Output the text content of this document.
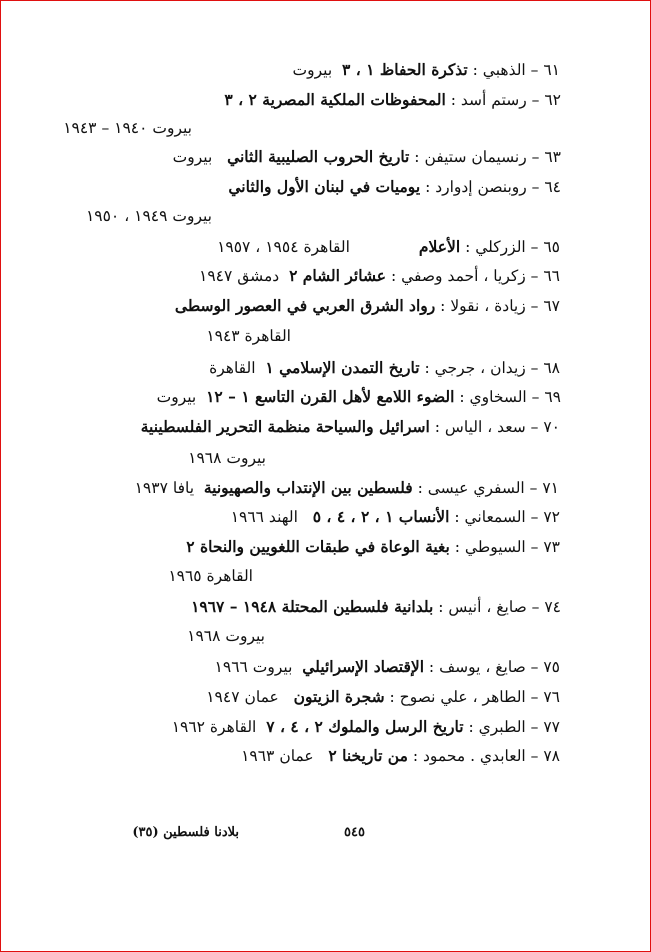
٦١ – الذهبي : تذكرة الحفاظ ١ ، ٣  بيروت
٦٢ – رستم أسد : المحفوظات الملكية المصرية ٢ ، ٣
بيروت ١٩٤٠ – ١٩٤٣
٦٣ – رنسيمان ستيفن : تاريخ الحروب الصليبية الثاني   بيروت
٦٤ – روبنصن إدوارد : يوميات في لبنان الأول والثاني
بيروت ١٩٤٩ ، ١٩٥٠
٦٥ – الزركلي : الأعلام              القاهرة ١٩٥٤ ، ١٩٥٧
٦٦ – زكريا ، أحمد وصفي : عشائر الشام ٢  دمشق ١٩٤٧
٦٧ – زيادة ، نقولا : رواد الشرق العربي في العصور الوسطى
القاهرة ١٩٤٣
٦٨ – زيدان ، جرجي : تاريخ التمدن الإسلامي ١  القاهرة
٦٩ – السخاوي : الضوء اللامع لأهل القرن التاسع ١ – ١٢  بيروت
٧٠ – سعد ، الياس : اسرائيل والسياحة منظمة التحرير الفلسطينية
بيروت ١٩٦٨
٧١ – السفري عيسى : فلسطين بين الإنتداب والصهيونية  يافا ١٩٣٧
٧٢ – السمعاني : الأنساب ١ ، ٢ ، ٤ ، ٥   الهند ١٩٦٦
٧٣ – السيوطي : بغية الوعاة في طبقات اللغويين والنحاة ٢
القاهرة ١٩٦٥
٧٤ – صايغ ، أنيس : بلدانية فلسطين المحتلة ١٩٤٨ – ١٩٦٧
بيروت ١٩٦٨
٧٥ – صايغ ، يوسف : الإقتصاد الإسرائيلي  بيروت ١٩٦٦
٧٦ – الطاهر ، علي نصوح : شجرة الزيتون   عمان ١٩٤٧
٧٧ – الطبري : تاريخ الرسل والملوك ٢ ، ٤ ، ٧  القاهرة ١٩٦٢
٧٨ – العابدي . محمود : من تاريخنا ٢   عمان ١٩٦٣
٥٤٥
بلادنا فلسطين (٣٥)
